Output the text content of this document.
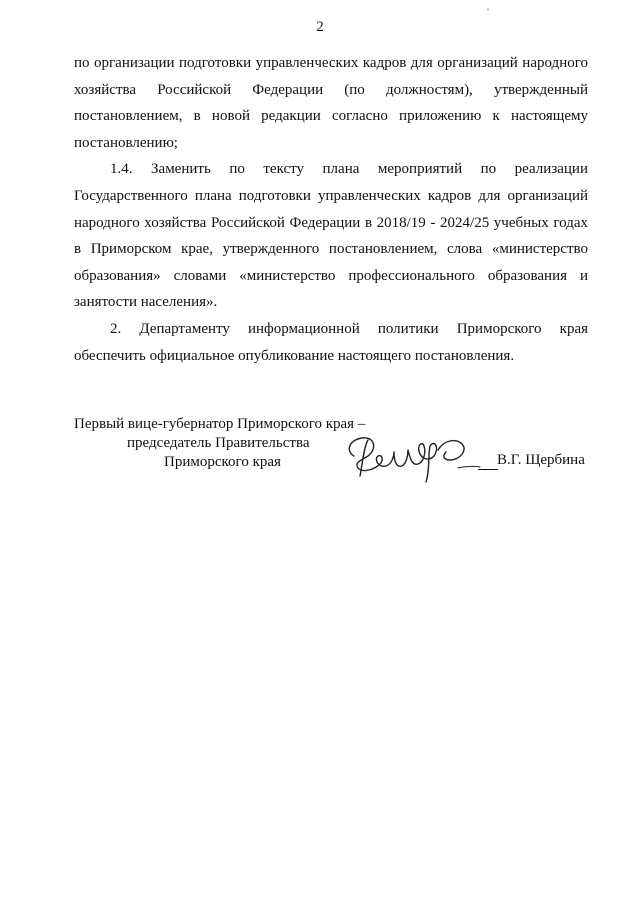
2

по организации подготовки управленческих кадров для организаций народного хозяйства Российской Федерации (по должностям), утвержденный постановлением, в новой редакции согласно приложению к настоящему постановлению;

1.4. Заменить по тексту плана мероприятий по реализации Государственного плана подготовки управленческих кадров для организаций народного хозяйства Российской Федерации в 2018/19 - 2024/25 учебных годах в Приморском крае, утвержденного постановлением, слова «министерство образования» словами «министерство профессионального образования и занятости населения».

2. Департаменту информационной политики Приморского края обеспечить официальное опубликование настоящего постановления.

Первый вице-губернатор Приморского края –
председатель Правительства
Приморского края	В.Г. Щербина
